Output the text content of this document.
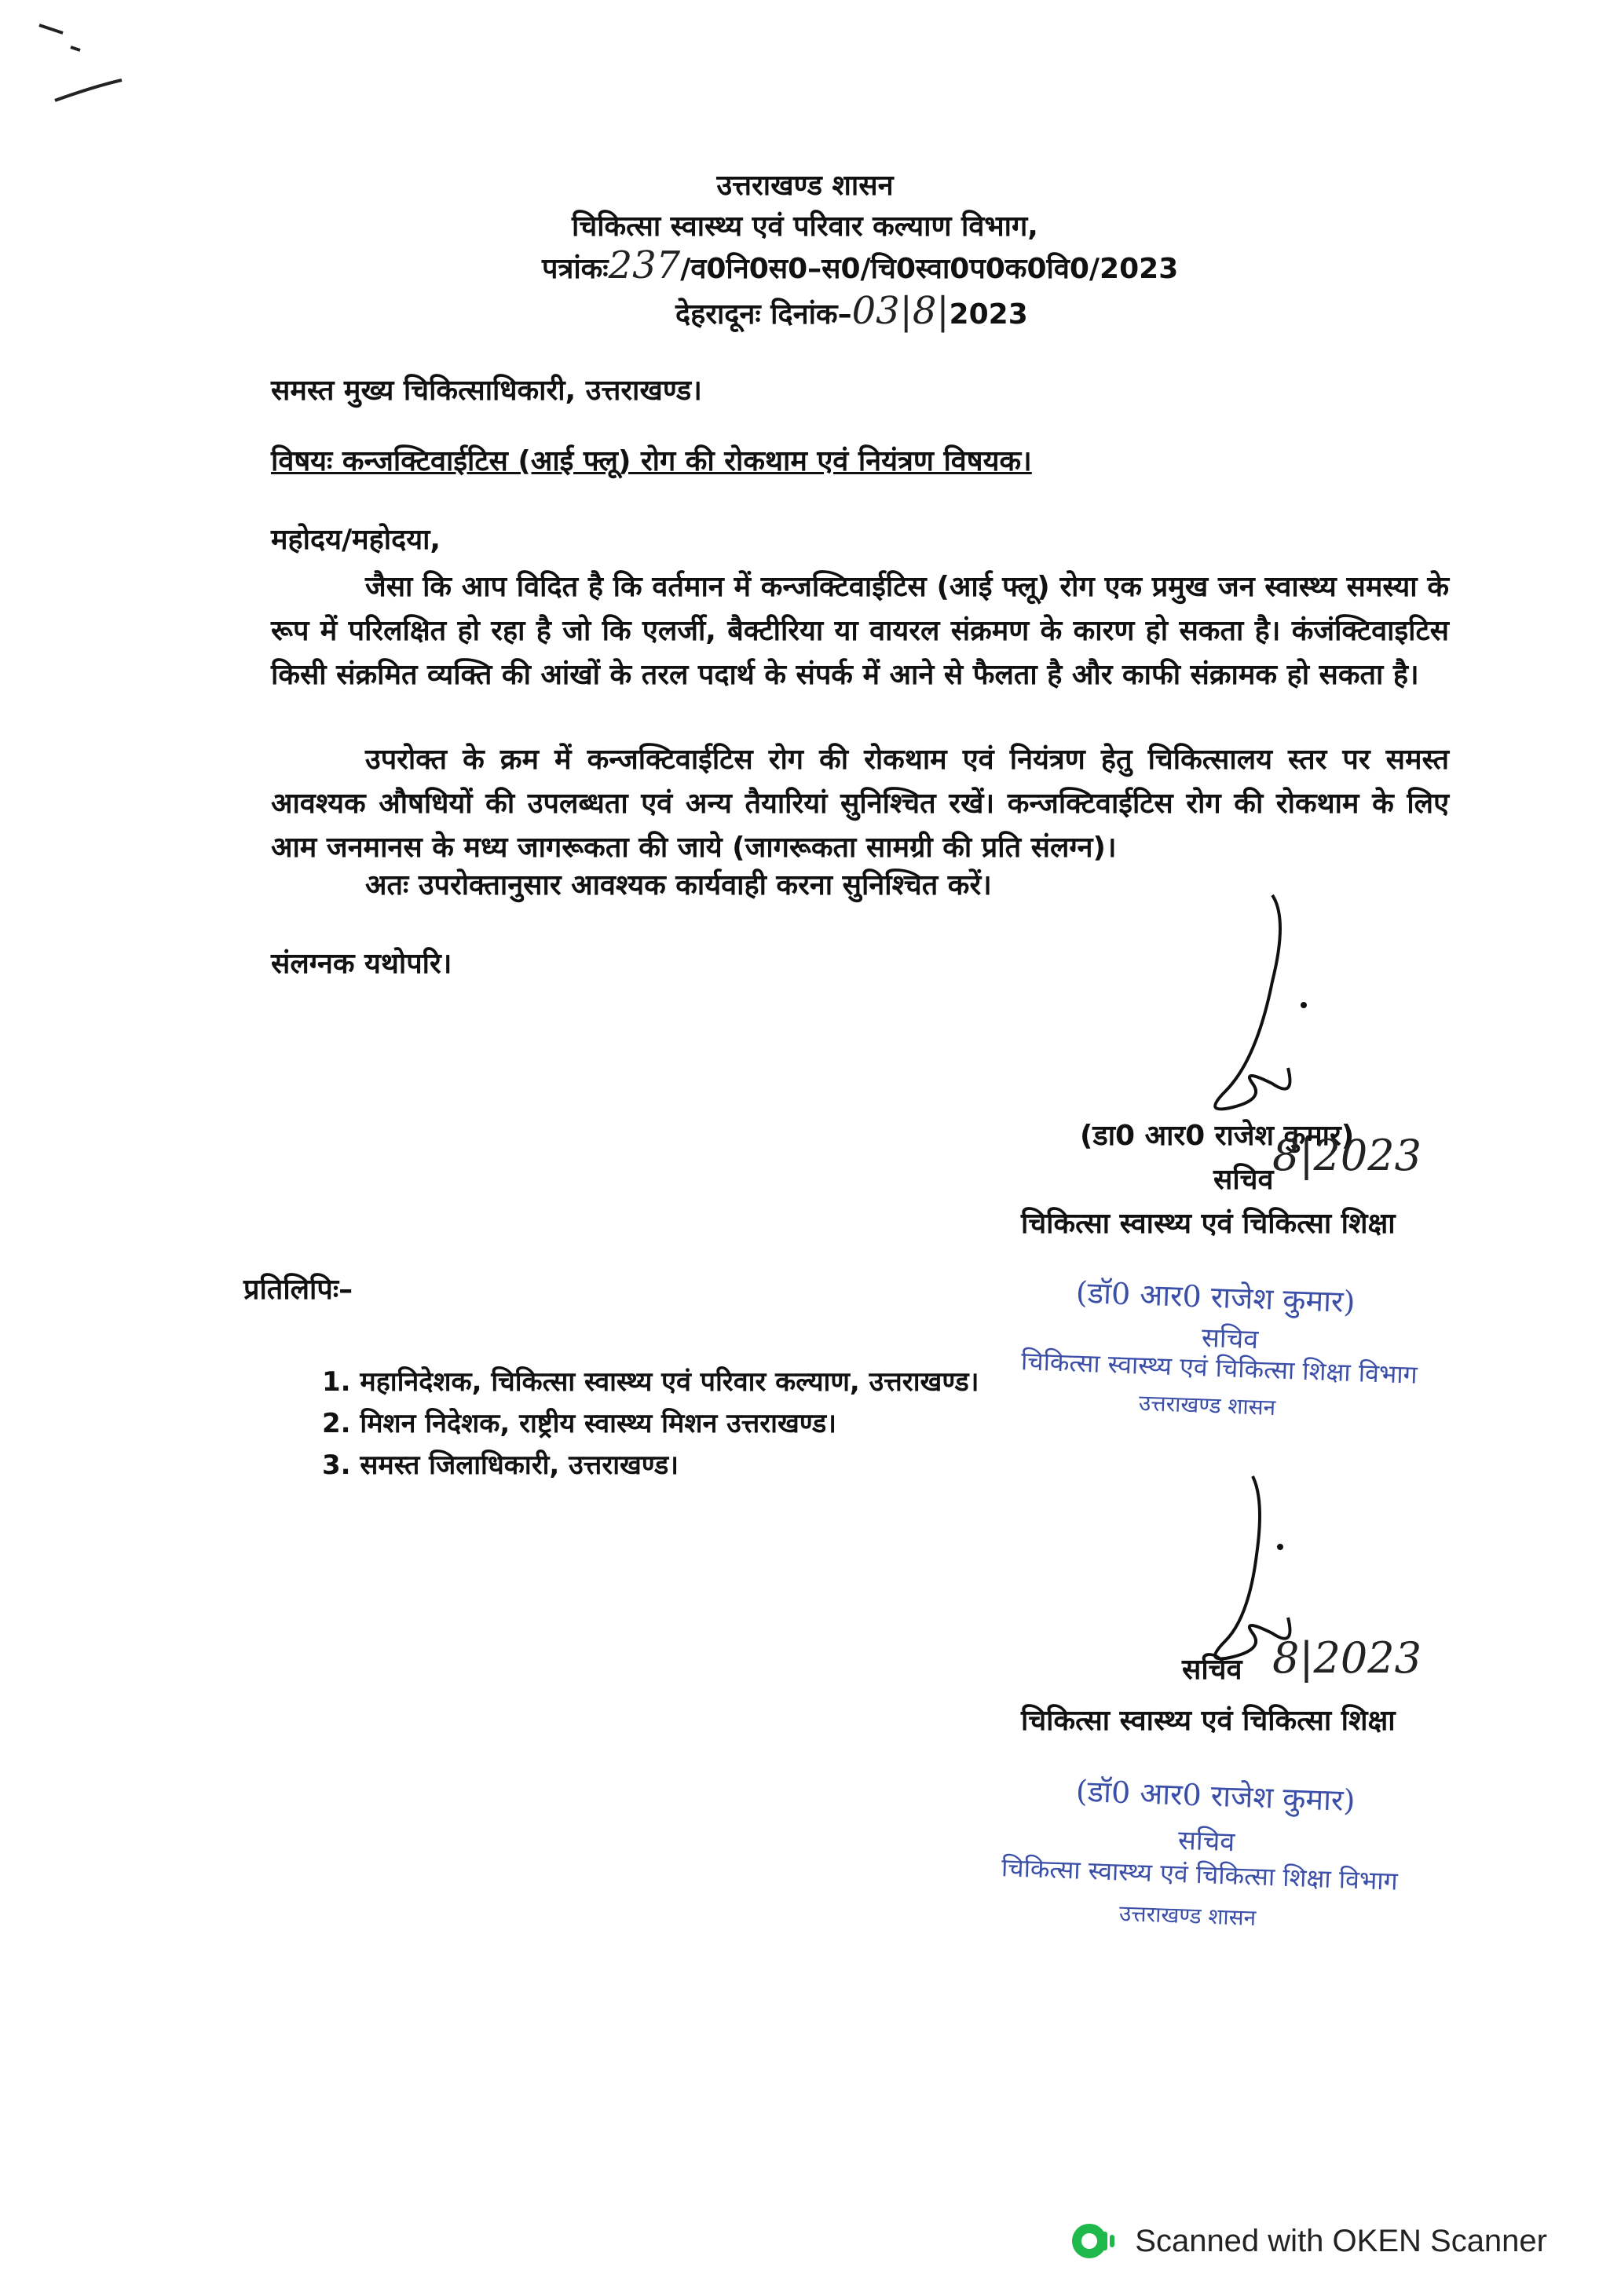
उत्तराखण्ड शासन
चिकित्सा स्वास्थ्य एवं परिवार कल्याण विभाग,
पत्रांकः237/व0नि0स0–स0/चि0स्वा0प0क0वि0/2023
देहरादूनः दिनांक–03|8|2023
समस्त मुख्य चिकित्साधिकारी, उत्तराखण्ड।
विषयः कन्जक्टिवाईटिस (आई फ्लू) रोग की रोकथाम एवं नियंत्रण विषयक।
महोदय/महोदया,
जैसा कि आप विदित है कि वर्तमान में कन्जक्टिवाईटिस (आई फ्लू) रोग एक प्रमुख जन स्वास्थ्य समस्या के रूप में परिलक्षित हो रहा है जो कि एलर्जी, बैक्टीरिया या वायरल संक्रमण के कारण हो सकता है। कंजंक्टिवाइटिस किसी संक्रमित व्यक्ति की आंखों के तरल पदार्थ के संपर्क में आने से फैलता है और काफी संक्रामक हो सकता है।
उपरोक्त के क्रम में कन्जक्टिवाईटिस रोग की रोकथाम एवं नियंत्रण हेतु चिकित्सालय स्तर पर समस्त आवश्यक औषधियों की उपलब्धता एवं अन्य तैयारियां सुनिश्चित रखें। कन्जक्टिवाईटिस रोग की रोकथाम के लिए आम जनमानस के मध्य जागरूकता की जाये (जागरूकता सामग्री की प्रति संलग्न)।
अतः उपरोक्तानुसार आवश्यक कार्यवाही करना सुनिश्चित करें।
संलग्नक यथोपरि।
(डा0 आर0 राजेश कुमार)
सचिव
8|2023
चिकित्सा स्वास्थ्य एवं चिकित्सा शिक्षा
प्रतिलिपिः–	(डॉ0 आर0 राजेश कुमार)
सचिव
चिकित्सा स्वास्थ्य एवं चिकित्सा शिक्षा विभाग
उत्तराखण्ड शासन
1. महानिदेशक, चिकित्सा स्वास्थ्य एवं परिवार कल्याण, उत्तराखण्ड।
2. मिशन निदेशक, राष्ट्रीय स्वास्थ्य मिशन उत्तराखण्ड।
3. समस्त जिलाधिकारी, उत्तराखण्ड।
सचिव 8|2023
चिकित्सा स्वास्थ्य एवं चिकित्सा शिक्षा
(डॉ0 आर0 राजेश कुमार)
सचिव
चिकित्सा स्वास्थ्य एवं चिकित्सा शिक्षा विभाग
उत्तराखण्ड शासन
Scanned with OKEN Scanner
